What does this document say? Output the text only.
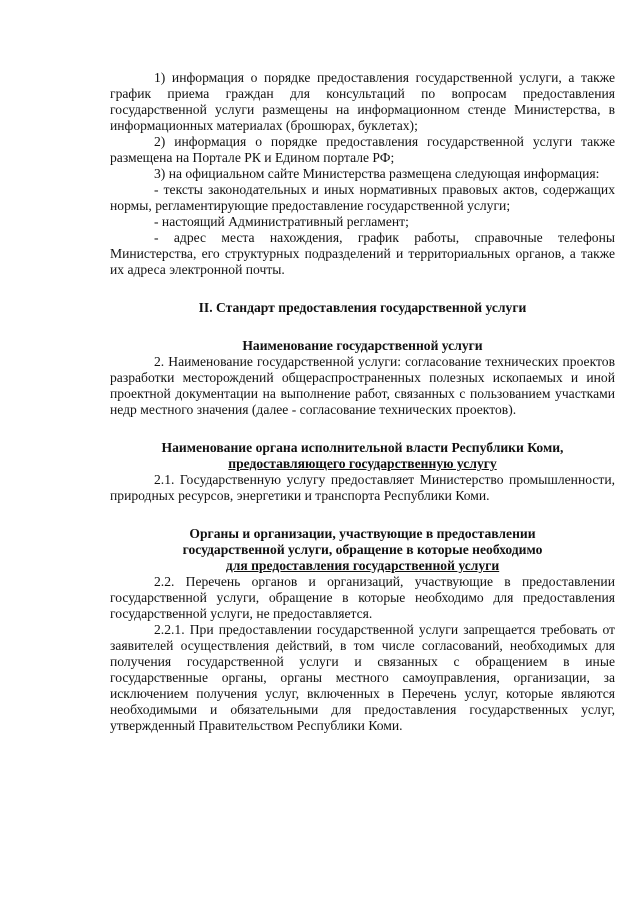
1) информация о порядке предоставления государственной услуги, а также график приема граждан для консультаций по вопросам предоставления государственной услуги размещены на информационном стенде Министерства, в информационных материалах (брошюрах, буклетах);

2) информация о порядке предоставления государственной услуги также размещена на Портале РК и Едином портале РФ;

3) на официальном сайте Министерства размещена следующая информация:

- тексты законодательных и иных нормативных правовых актов, содержащих нормы, регламентирующие предоставление государственной услуги;

- настоящий Административный регламент;

- адрес места нахождения, график работы, справочные телефоны Министерства, его структурных подразделений и территориальных органов, а также их адреса электронной почты.

II. Стандарт предоставления государственной услуги

Наименование государственной услуги

2. Наименование государственной услуги: согласование технических проектов разработки месторождений общераспространенных полезных ископаемых и иной проектной документации на выполнение работ, связанных с пользованием участками недр местного значения (далее - согласование технических проектов).

Наименование органа исполнительной власти Республики Коми,

предоставляющего государственную услугу

2.1. Государственную услугу предоставляет Министерство промышленности, природных ресурсов, энергетики и транспорта Республики Коми.

Органы и организации, участвующие в предоставлении

государственной услуги, обращение в которые необходимо

для предоставления государственной услуги

2.2. Перечень органов и организаций, участвующие в предоставлении государственной услуги, обращение в которые необходимо для предоставления государственной услуги, не предоставляется.

2.2.1. При предоставлении государственной услуги запрещается требовать от заявителей осуществления действий, в том числе согласований, необходимых для получения государственной услуги и связанных с обращением в иные государственные органы, органы местного самоуправления, организации, за исключением получения услуг, включенных в Перечень услуг, которые являются необходимыми и обязательными для предоставления государственных услуг, утвержденный Правительством Республики Коми.
